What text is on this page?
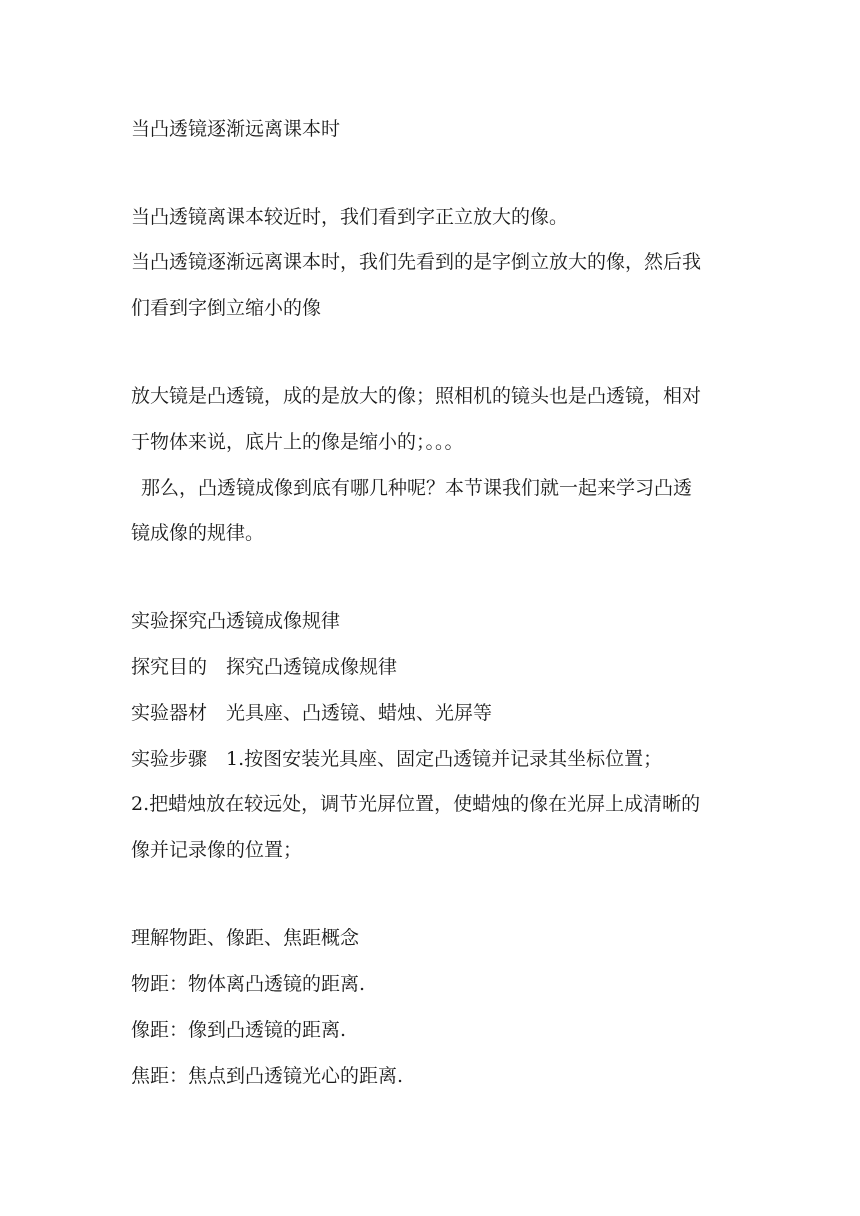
当凸透镜逐渐远离课本时
当凸透镜离课本较近时，我们看到字正立放大的像。
当凸透镜逐渐远离课本时，我们先看到的是字倒立放大的像，然后我
们看到字倒立缩小的像
放大镜是凸透镜，成的是放大的像；照相机的镜头也是凸透镜，相对
于物体来说，底片上的像是缩小的；。。。
那么，凸透镜成像到底有哪几种呢？本节课我们就一起来学习凸透
镜成像的规律。
实验探究凸透镜成像规律
探究目的　探究凸透镜成像规律
实验器材　光具座、凸透镜、蜡烛、光屏等
实验步骤　1.按图安装光具座、固定凸透镜并记录其坐标位置；
2.把蜡烛放在较远处，调节光屏位置，使蜡烛的像在光屏上成清晰的
像并记录像的位置；
理解物距、像距、焦距概念
物距：物体离凸透镜的距离.
像距：像到凸透镜的距离.
焦距：焦点到凸透镜光心的距离.
